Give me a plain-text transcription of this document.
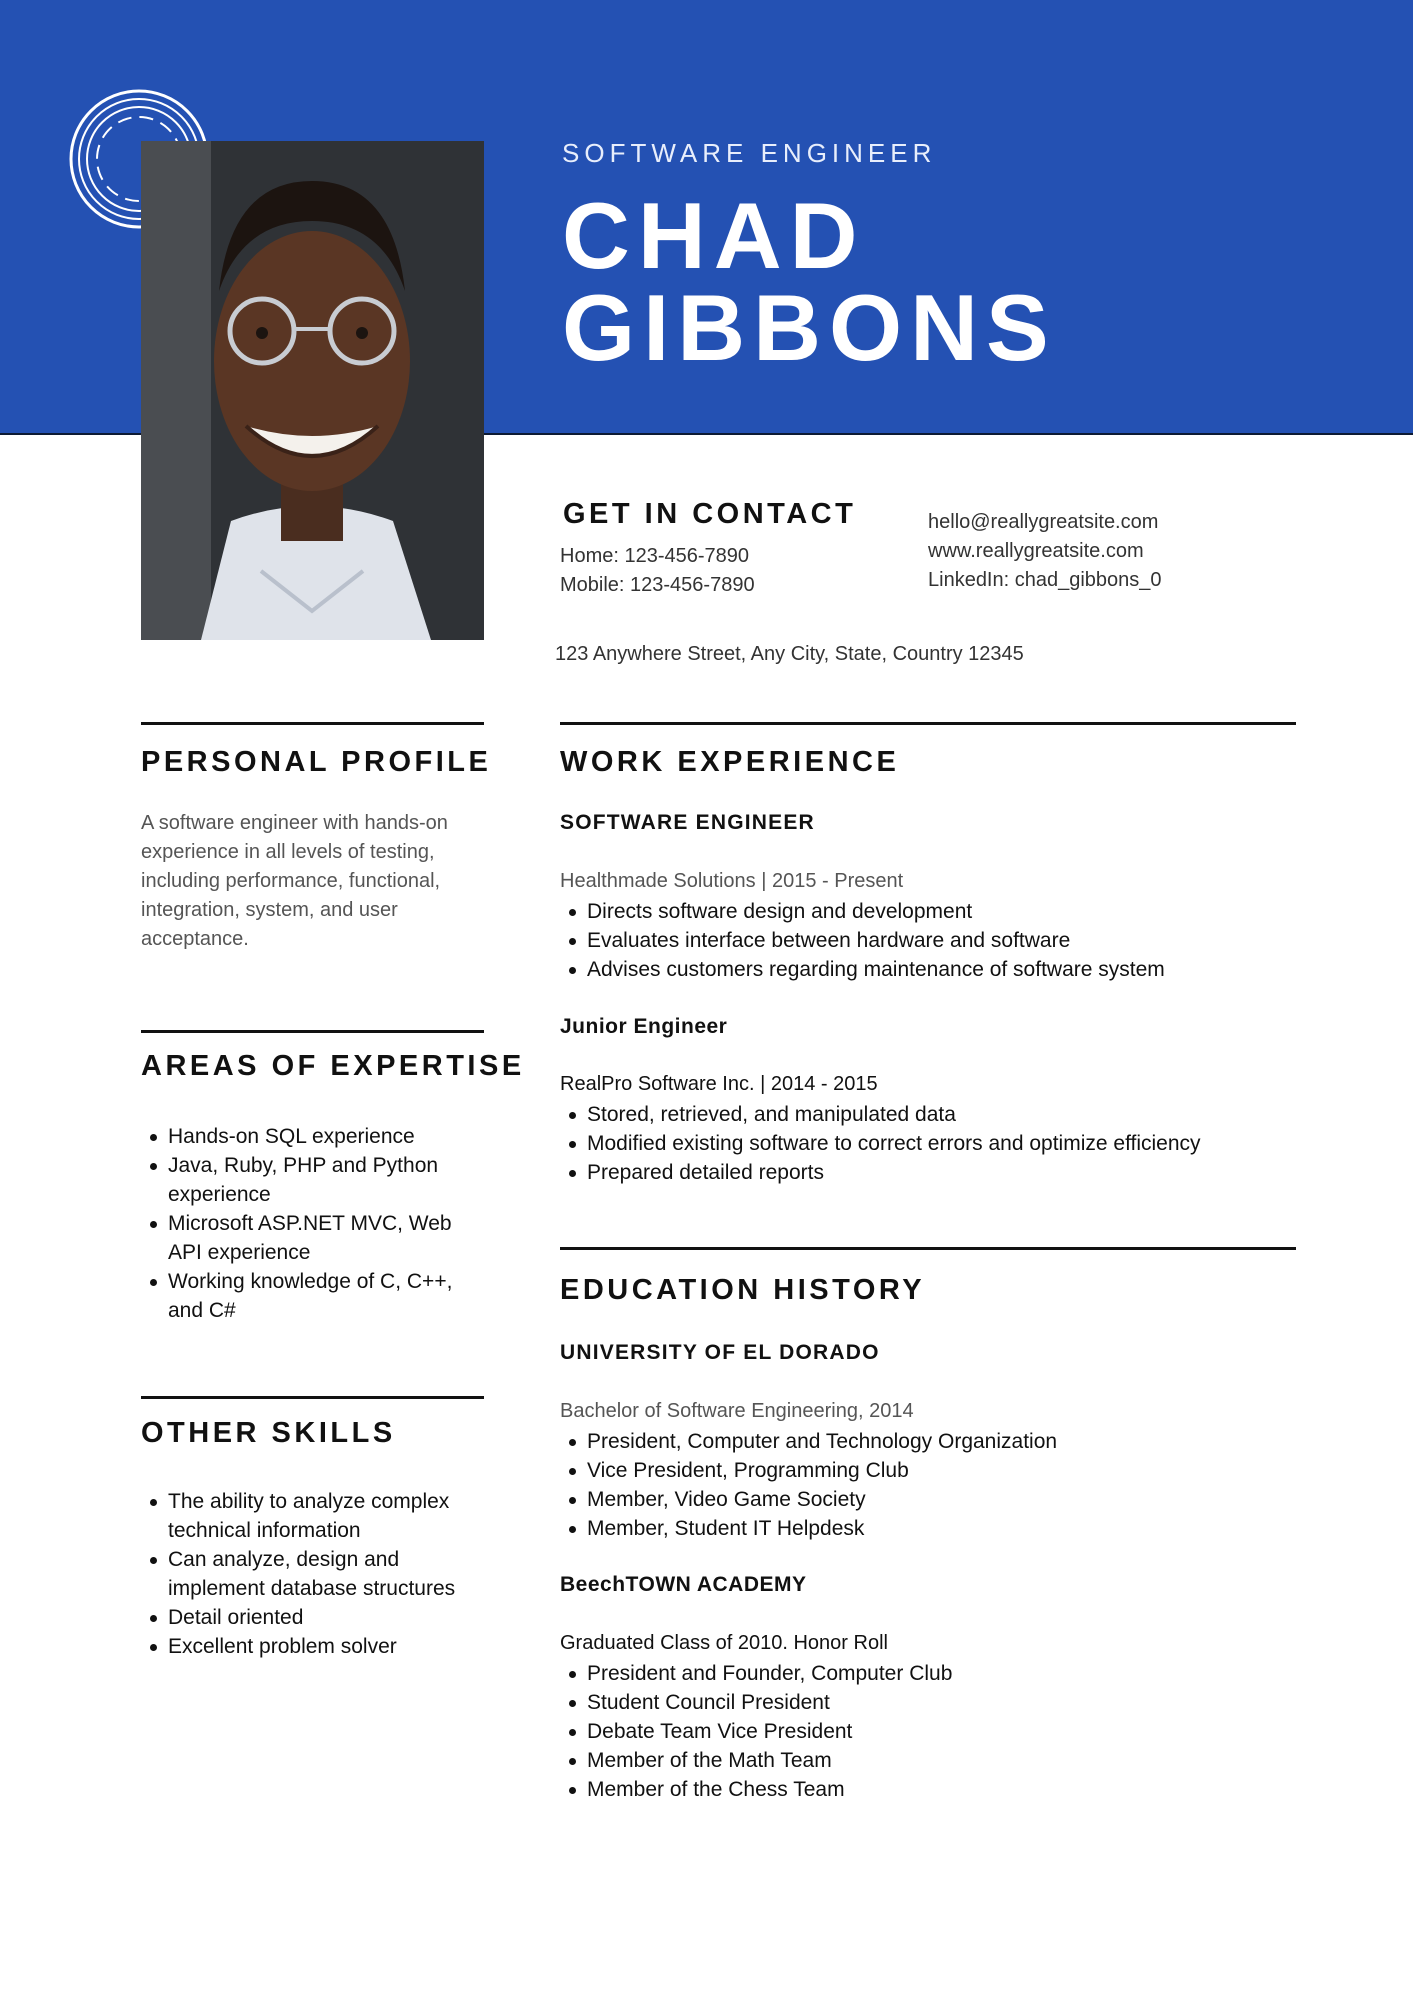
SOFTWARE ENGINEER
CHAD
GIBBONS
GET IN CONTACT
Home: 123-456-7890
Mobile: 123-456-7890
hello@reallygreatsite.com
www.reallygreatsite.com
LinkedIn: chad_gibbons_0
123 Anywhere Street, Any City, State, Country 12345
PERSONAL PROFILE
A software engineer with hands-on
experience in all levels of testing,
including performance, functional,
integration, system, and user
acceptance.
AREAS OF EXPERTISE
Hands-on SQL experience
Java, Ruby, PHP and Python experience
Microsoft ASP.NET MVC, Web API experience
Working knowledge of C, C++, and C#
OTHER SKILLS
The ability to analyze complex technical information
Can analyze, design and implement database structures
Detail oriented
Excellent problem solver
WORK EXPERIENCE
SOFTWARE ENGINEER
Healthmade Solutions | 2015 - Present
Directs software design and development
Evaluates interface between hardware and software
Advises customers regarding maintenance of software system
Junior Engineer
RealPro Software Inc. | 2014 - 2015
Stored, retrieved, and manipulated data
Modified existing software to correct errors and optimize efficiency
Prepared detailed reports
EDUCATION HISTORY
UNIVERSITY OF EL DORADO
Bachelor of Software Engineering, 2014
President, Computer and Technology Organization
Vice President, Programming Club
Member, Video Game Society
Member, Student IT Helpdesk
BeechTOWN ACADEMY
Graduated Class of 2010. Honor Roll
President and Founder, Computer Club
Student Council President
Debate Team Vice President
Member of the Math Team
Member of the Chess Team
